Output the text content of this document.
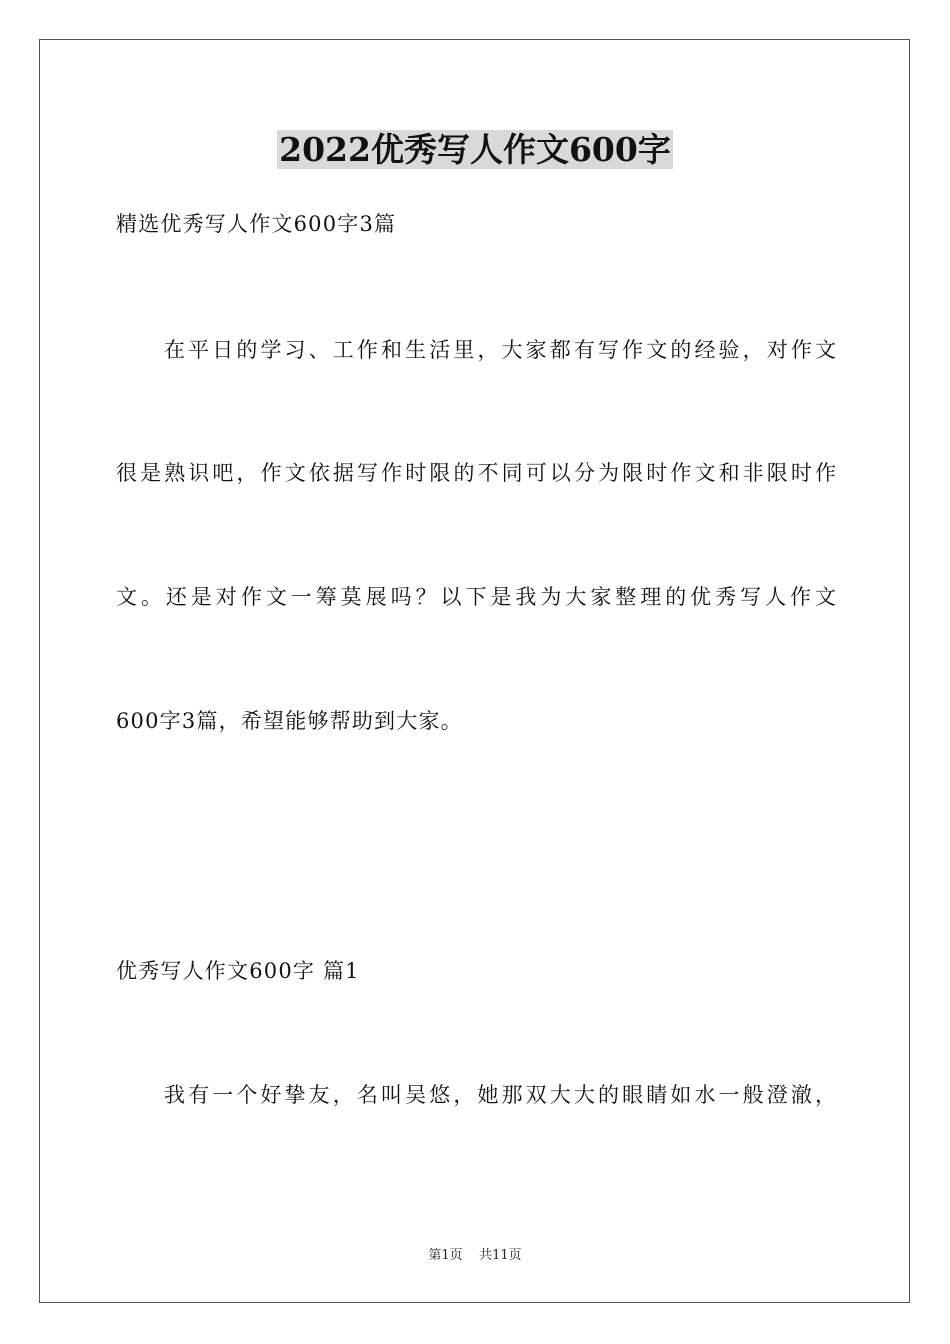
2022优秀写人作文600字
精选优秀写人作文600字3篇
在平日的学习、工作和生活里，大家都有写作文的经验，对作文
很是熟识吧，作文依据写作时限的不同可以分为限时作文和非限时作
文。还是对作文一筹莫展吗？以下是我为大家整理的优秀写人作文
600字3篇，希望能够帮助到大家。
优秀写人作文600字 篇1
我有一个好挚友，名叫吴悠，她那双大大的眼睛如水一般澄澈，
第1页    共11页
